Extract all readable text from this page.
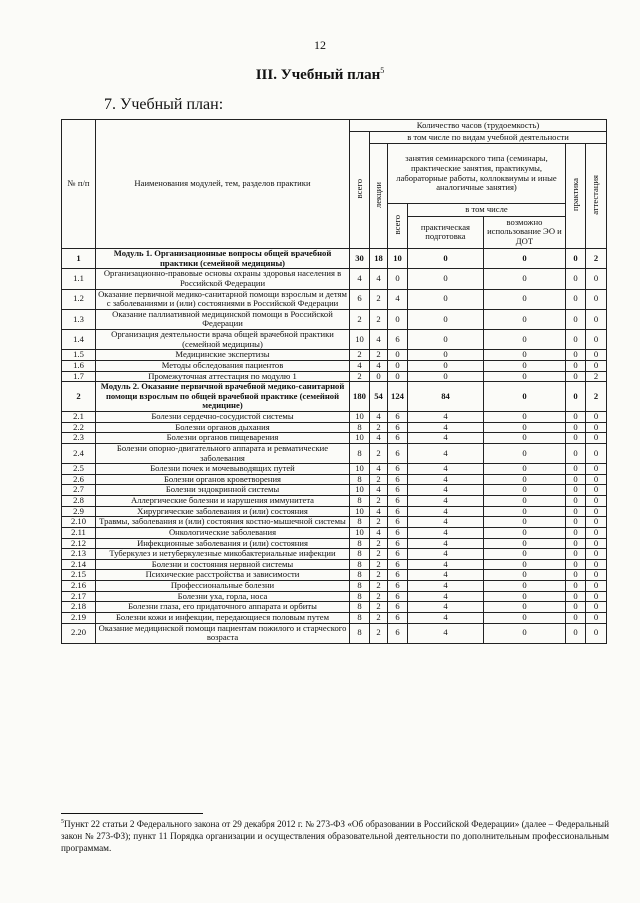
12
III. Учебный план$^5$
7. Учебный план:
№ п/п	Наименования модулей, тем, разделов практики	Количество часов (трудоемкость)
всего	в том числе по видам учебной деятельности
лекции	занятия семинарского типа (семинары, практические занятия, практикумы, лабораторные работы, коллоквиумы и иные аналогичные занятия)	практика	аттестация
всего	
в том числе
практическая подготовка	возможно использование ЭО и ДОТ

1	Модуль 1. Организационные вопросы общей врачебной практики (семейной медицины)	30	18	10	0	0	0	2
1.1	Организационно-правовые основы охраны здоровья населения в Российской Федерации	4	4	0	0	0	0	0
1.2	Оказание первичной медико-санитарной помощи взрослым и детям с заболеваниями и (или) состояниями в Российской Федерации	6	2	4	0	0	0	0
1.3	Оказание паллиативной медицинской помощи в Российской Федерации	2	2	0	0	0	0	0
1.4	Организация деятельности врача общей врачебной практики (семейной медицины)	10	4	6	0	0	0	0
1.5	Медицинские экспертизы	2	2	0	0	0	0	0
1.6	Методы обследования пациентов	4	4	0	0	0	0	0
1.7	Промежуточная аттестация по модулю 1	2	0	0	0	0	0	2
2	Модуль 2. Оказание первичной врачебной медико-санитарной помощи взрослым по общей врачебной практике (семейной медицине)	180	54	124	84	0	0	2
2.1	Болезни сердечно-сосудистой системы	10	4	6	4	0	0	0
2.2	Болезни органов дыхания	8	2	6	4	0	0	0
2.3	Болезни органов пищеварения	10	4	6	4	0	0	0
2.4	Болезни опорно-двигательного аппарата и ревматические заболевания	8	2	6	4	0	0	0
2.5	Болезни почек и мочевыводящих путей	10	4	6	4	0	0	0
2.6	Болезни органов кроветворения	8	2	6	4	0	0	0
2.7	Болезни эндокринной системы	10	4	6	4	0	0	0
2.8	Аллергические болезни и нарушения иммунитета	8	2	6	4	0	0	0
2.9	Хирургические заболевания и (или) состояния	10	4	6	4	0	0	0
2.10	Травмы, заболевания и (или) состояния костно-мышечной системы	8	2	6	4	0	0	0
2.11	Онкологические заболевания	10	4	6	4	0	0	0
2.12	Инфекционные заболевания и (или) состояния	8	2	6	4	0	0	0
2.13	Туберкулез и нетуберкулезные микобактериальные инфекции	8	2	6	4	0	0	0
2.14	Болезни и состояния нервной системы	8	2	6	4	0	0	0
2.15	Психические расстройства и зависимости	8	2	6	4	0	0	0
2.16	Профессиональные болезни	8	2	6	4	0	0	0
2.17	Болезни уха, горла, носа	8	2	6	4	0	0	0
2.18	Болезни глаза, его придаточного аппарата и орбиты	8	2	6	4	0	0	0
2.19	Болезни кожи и инфекции, передающиеся половым путем	8	2	6	4	0	0	0
2.20	Оказание медицинской помощи пациентам пожилого и старческого возраста	8	2	6	4	0	0	0
$^5$Пункт 22 статьи 2 Федерального закона от 29 декабря 2012 г. № 273-ФЗ «Об образовании в Российской Федерации» (далее – Федеральный закон № 273-ФЗ); пункт 11 Порядка организации и осуществления образовательной деятельности по дополнительным профессиональным программам.
